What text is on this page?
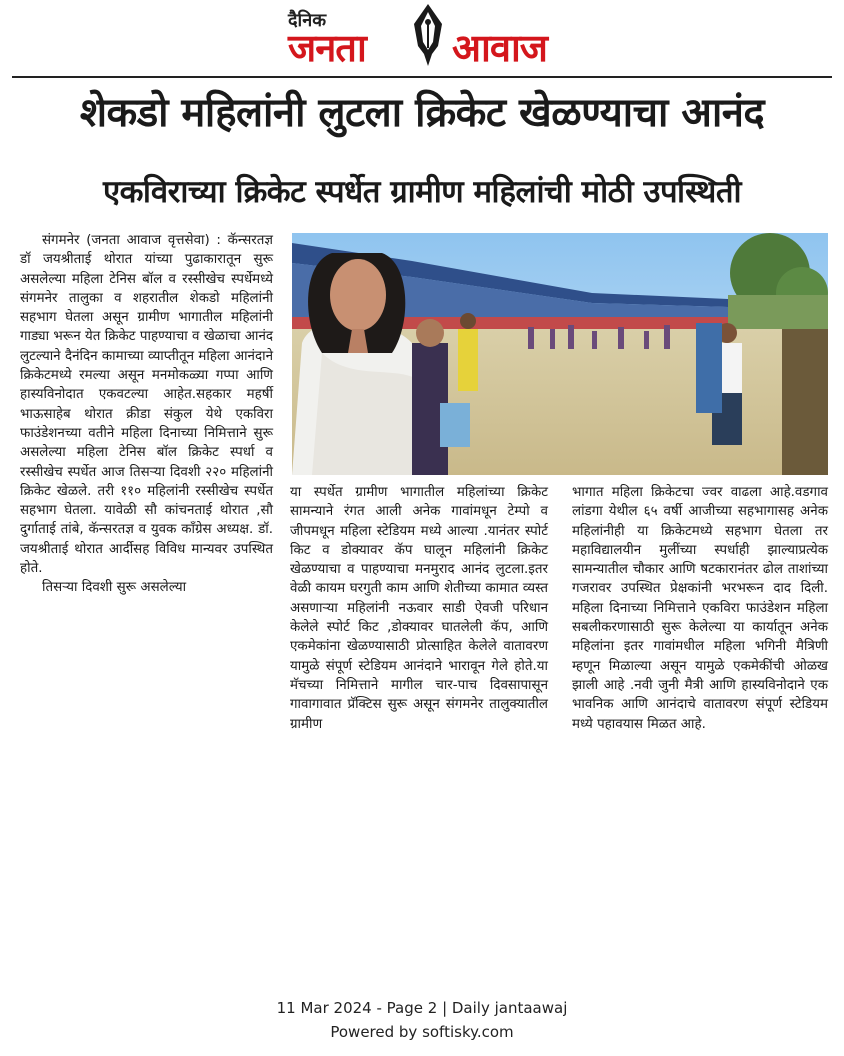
दैनिक
जनता आवाज
शेकडो महिलांनी लुटला क्रिकेट खेळण्याचा आनंद
एकविराच्या क्रिकेट स्पर्धेत ग्रामीण महिलांची मोठी उपस्थिती

संगमनेर (जनता आवाज वृत्तसेवा) : कॅन्सरतज्ञ डॉ जयश्रीताई थोरात यांच्या पुढाकारातून सुरू असलेल्या महिला टेनिस बॉल व रस्सीखेच स्पर्धेमध्ये संगमनेर तालुका व शहरातील शेकडो महिलांनी सहभाग घेतला असून ग्रामीण भागातील महिलांनी गाड्या भरून येत क्रिकेट पाहण्याचा व खेळाचा आनंद लुटल्याने दैनंदिन कामाच्या व्याप्तीतून महिला आनंदाने क्रिकेटमध्ये रमल्या असून मनमोकळ्या गप्पा आणि हास्यविनोदात एकवटल्या आहेत.सहकार महर्षी भाऊसाहेब थोरात क्रीडा संकुल येथे एकविरा फाउंडेशनच्या वतीने महिला दिनाच्या निमित्ताने सुरू असलेल्या महिला टेनिस बॉल क्रिकेट स्पर्धा व रस्सीखेच स्पर्धेत आज तिसऱ्या दिवशी २२० महिलांनी क्रिकेट खेळले. तरी ११० महिलांनी रस्सीखेच स्पर्धेत सहभाग घेतला. यावेळी सौ कांचनताई थोरात ,सौ दुर्गाताई तांबे, कॅन्सरतज्ञ व युवक काँग्रेस अध्यक्ष. डॉ. जयश्रीताई थोरात आर्दीसह विविध मान्यवर उपस्थित होते.

तिसऱ्या दिवशी सुरू असलेल्या

या स्पर्धेत ग्रामीण भागातील महिलांच्या क्रिकेट सामन्याने रंगत आली अनेक गावांमधून टेम्पो व जीपमधून महिला स्टेडियम मध्ये आल्या .यानंतर स्पोर्ट किट व डोक्यावर कॅप घालून महिलांनी क्रिकेट खेळण्याचा व पाहण्याचा मनमुराद आनंद लुटला.इतर वेळी कायम घरगुती काम आणि शेतीच्या कामात व्यस्त असणाऱ्या महिलांनी नऊवार साडी ऐवजी परिधान केलेले स्पोर्ट किट ,डोक्यावर घातलेली कॅप, आणि एकमेकांना खेळण्यासाठी प्रोत्साहित केलेले वातावरण यामुळे संपूर्ण स्टेडियम आनंदाने भारावून गेले होते.या मॅचच्या निमित्ताने मागील चार-पाच दिवसापासून गावागावात प्रॅक्टिस सुरू असून संगमनेर तालुक्यातील ग्रामीण

भागात महिला क्रिकेटचा ज्वर वाढला आहे.वडगाव लांडगा येथील ६५ वर्षी आजीच्या सहभागासह अनेक महिलांनीही या क्रिकेटमध्ये सहभाग घेतला तर महाविद्यालयीन मुलींच्या स्पर्धाही झाल्याप्रत्येक सामन्यातील चौकार आणि षटकारानंतर ढोल ताशांच्या गजरावर उपस्थित प्रेक्षकांनी भरभरून दाद दिली. महिला दिनाच्या निमित्ताने एकविरा फाउंडेशन महिला सबलीकरणासाठी सुरू केलेल्या या कार्यातून अनेक महिलांना इतर गावांमधील महिला भगिनी मैत्रिणी म्हणून मिळाल्या असून यामुळे एकमेकींची ओळख झाली आहे .नवी जुनी मैत्री आणि हास्यविनोदाने एक भावनिक आणि आनंदाचे वातावरण संपूर्ण स्टेडियम मध्ये पहावयास मिळत आहे.

11 Mar 2024 - Page 2 | Daily jantaawaj
Powered by softisky.com
